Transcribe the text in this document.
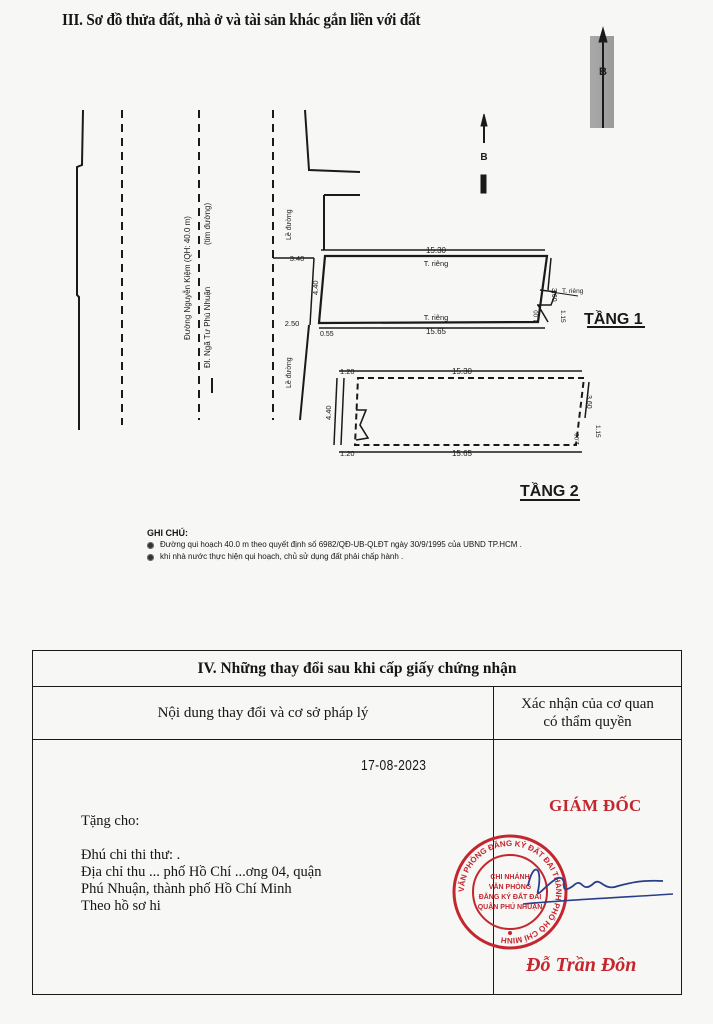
III. Sơ đồ thửa đất, nhà ở và tài sản khác gắn liền với đất
B
B
Đường Nguyễn Kiệm (QH: 40.0 m) Đl. Ngã Tư Phú Nhuận
(tim đường)	Lề đường
Lề đường
15.30
T. riêng
T. riêng
15.65
3.40
2.50
0.55
4.40	3.60 T. riêng
1.15
1.00	TẦNG 1
15.30
15.65
1.20
1.20
4.40
3.60
1.15
1.00
TẦNG 2
GHI CHÚ:
Đường qui hoạch 40.0 m theo quyết định số 6982/QĐ-UB-QLĐT ngày 30/9/1995 của UBND TP.HCM .
khi nhà nước thực hiện qui hoạch, chủ sử dụng đất phải chấp hành .
IV. Những thay đổi sau khi cấp giấy chứng nhận
Nội dung thay đổi và cơ sở pháp lý
Xác nhận của cơ quan
có thẩm quyền
17-08-2023
Tặng cho:
Đhú chi thi thư: .
Địa chỉ thu ... phố Hồ Chí ...ơng 04, quận
Phú Nhuận, thành phố Hồ Chí Minh
Theo hồ sơ hi
GIÁM ĐỐC
VĂN PHÒNG ĐĂNG KÝ ĐẤT ĐAI THÀNH PHỐ HỒ CHÍ MINH
CHI NHÁNH
VĂN PHÒNG
ĐĂNG KÝ ĐẤT ĐAI
QUẬN PHÚ NHUẬN
Đỗ Trần Đôn
